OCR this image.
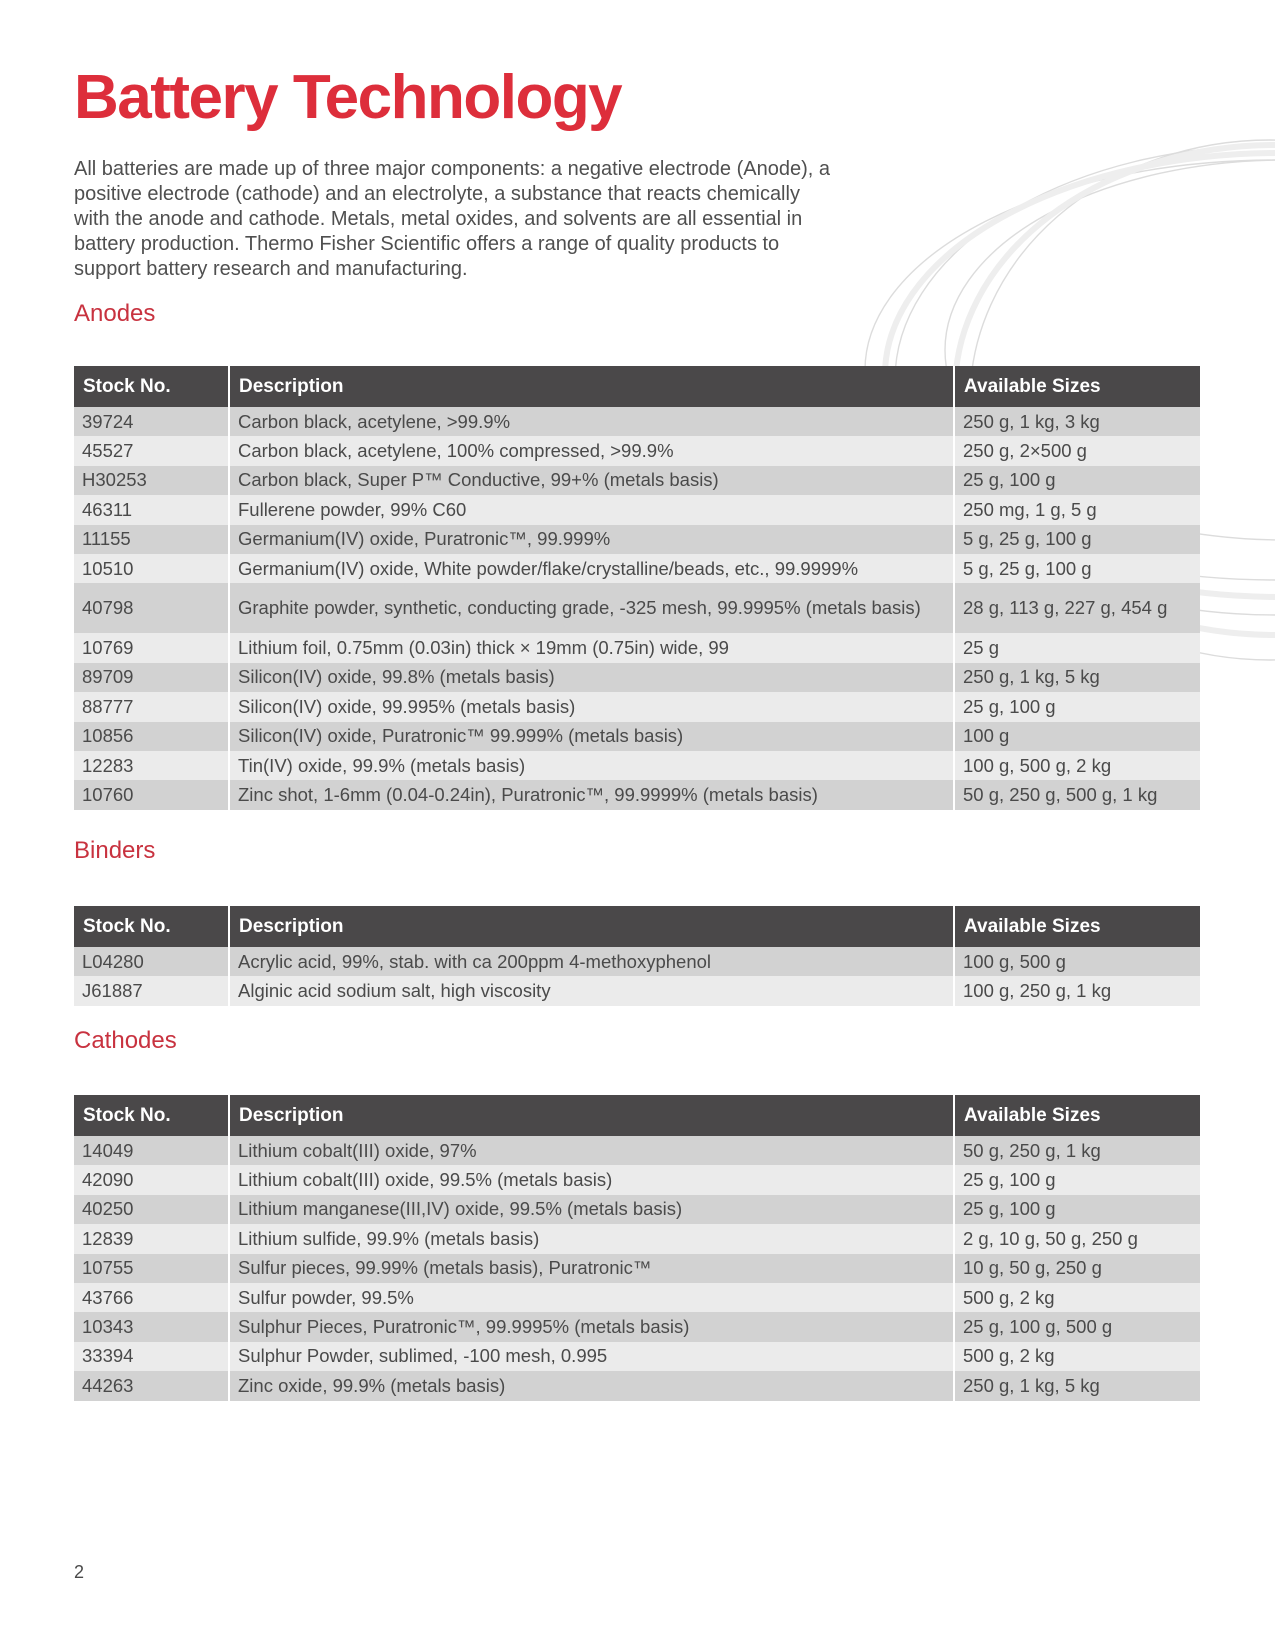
Battery Technology

All batteries are made up of three major components: a negative electrode (Anode), a positive electrode (cathode) and an electrolyte, a substance that reacts chemically with the anode and cathode. Metals, metal oxides, and solvents are all essential in battery production. Thermo Fisher Scientific offers a range of quality products to support battery research and manufacturing.

Anodes
Stock No.	Description	Available Sizes
39724	Carbon black, acetylene, >99.9%	250 g, 1 kg, 3 kg
45527	Carbon black, acetylene, 100% compressed, >99.9%	250 g, 2×500 g
H30253	Carbon black, Super P™ Conductive, 99+% (metals basis)	25 g, 100 g
46311	Fullerene powder, 99% C60	250 mg, 1 g, 5 g
11155	Germanium(IV) oxide, Puratronic™, 99.999%	5 g, 25 g, 100 g
10510	Germanium(IV) oxide, White powder/flake/crystalline/beads, etc., 99.9999%	5 g, 25 g, 100 g
40798	Graphite powder, synthetic, conducting grade, -325 mesh, 99.9995% (metals basis)	28 g, 113 g, 227 g, 454 g
10769	Lithium foil, 0.75mm (0.03in) thick × 19mm (0.75in) wide, 99	25 g
89709	Silicon(IV) oxide, 99.8% (metals basis)	250 g, 1 kg, 5 kg
88777	Silicon(IV) oxide, 99.995% (metals basis)	25 g, 100 g
10856	Silicon(IV) oxide, Puratronic™ 99.999% (metals basis)	100 g
12283	Tin(IV) oxide, 99.9% (metals basis)	100 g, 500 g, 2 kg
10760	Zinc shot, 1-6mm (0.04-0.24in), Puratronic™, 99.9999% (metals basis)	50 g, 250 g, 500 g, 1 kg
Binders
Stock No.	Description	Available Sizes
L04280	Acrylic acid, 99%, stab. with ca 200ppm 4-methoxyphenol	100 g, 500 g
J61887	Alginic acid sodium salt, high viscosity	100 g, 250 g, 1 kg
Cathodes
Stock No.	Description	Available Sizes
14049	Lithium cobalt(III) oxide, 97%	50 g, 250 g, 1 kg
42090	Lithium cobalt(III) oxide, 99.5% (metals basis)	25 g, 100 g
40250	Lithium manganese(III,IV) oxide, 99.5% (metals basis)	25 g, 100 g
12839	Lithium sulfide, 99.9% (metals basis)	2 g, 10 g, 50 g, 250 g
10755	Sulfur pieces, 99.99% (metals basis), Puratronic™	10 g, 50 g, 250 g
43766	Sulfur powder, 99.5%	500 g, 2 kg
10343	Sulphur Pieces, Puratronic™, 99.9995% (metals basis)	25 g, 100 g, 500 g
33394	Sulphur Powder, sublimed, -100 mesh, 0.995	500 g, 2 kg
44263	Zinc oxide, 99.9% (metals basis)	250 g, 1 kg, 5 kg
2
